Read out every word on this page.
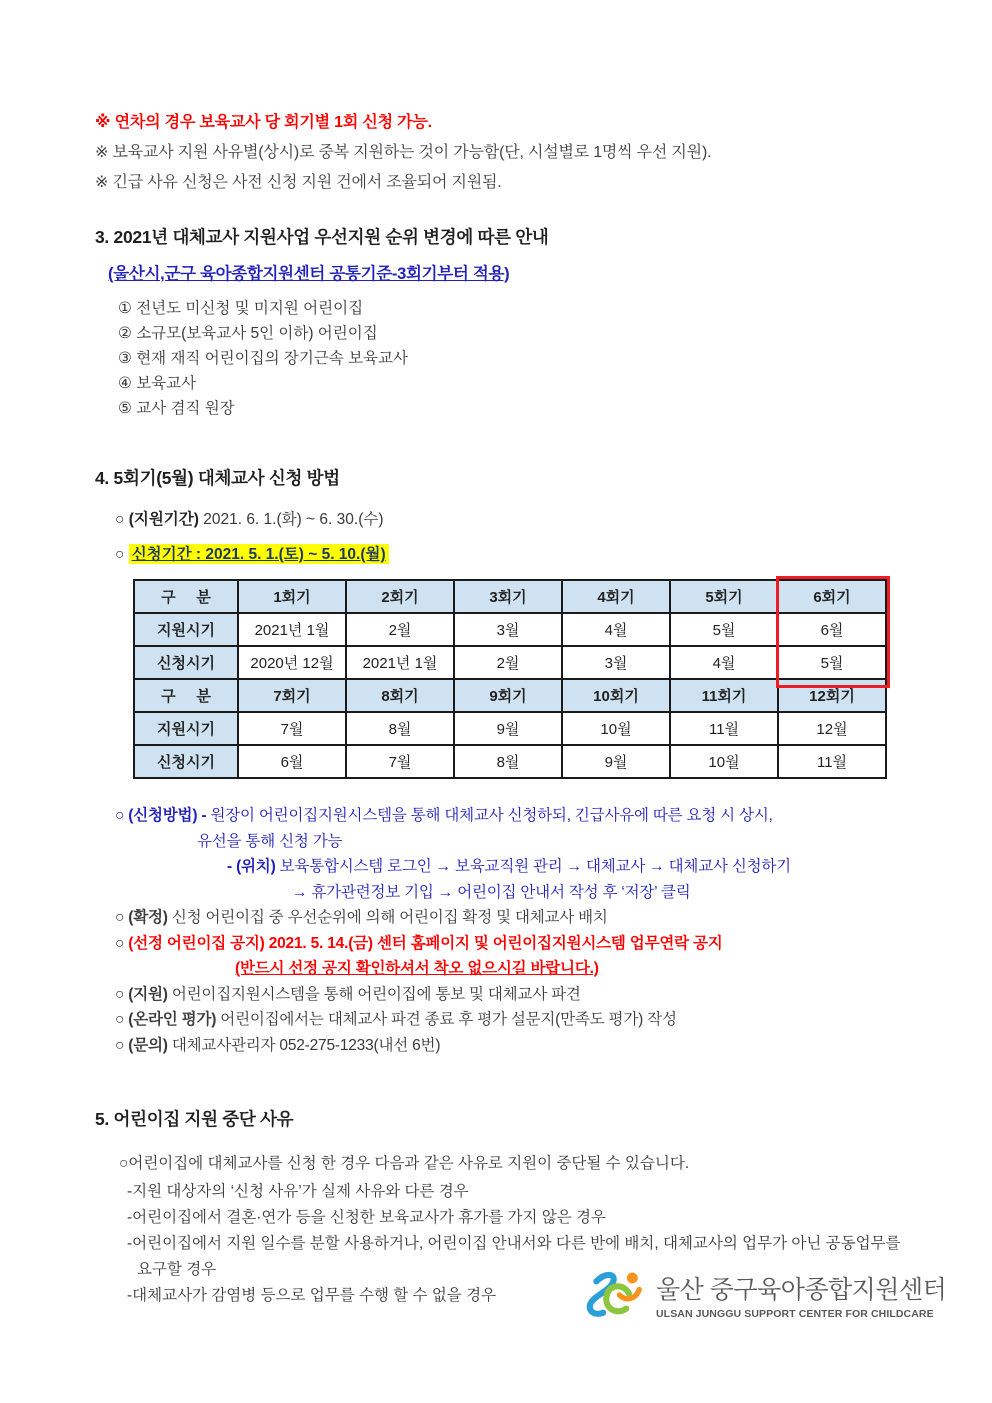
※ 연차의 경우 보육교사 당 회기별 1회 신청 가능.
※ 보육교사 지원 사유별(상시)로 중복 지원하는 것이 가능함(단, 시설별로 1명씩 우선 지원).
※ 긴급 사유 신청은 사전 신청 지원 건에서 조율되어 지원됨.
3. 2021년 대체교사 지원사업 우선지원 순위 변경에 따른 안내
(울산시,군구 육아종합지원센터 공통기준-3회기부터 적용)
① 전년도 미신청 및 미지원 어린이집
② 소규모(보육교사 5인 이하) 어린이집
③ 현재 재직 어린이집의 장기근속 보육교사
④ 보육교사
⑤ 교사 겸직 원장
4. 5회기(5월) 대체교사 신청 방법
○ (지원기간) 2021. 6. 1.(화) ~ 6. 30.(수)
○ 신청기간 : 2021. 5. 1.(토) ~ 5. 10.(월)
구     분	1회기	2회기	3회기	4회기	5회기	6회기
지원시기	2021년 1월	2월	3월	4월	5월	6월
신청시기	2020년 12월	2021년 1월	2월	3월	4월	5월
구     분	7회기	8회기	9회기	10회기	11회기	12회기
지원시기	7월	8월	9월	10월	11월	12월
신청시기	6월	7월	8월	9월	10월	11월
○ (신청방법) - 원장이 어린이집지원시스템을 통해 대체교사 신청하되, 긴급사유에 따른 요청 시 상시,
유선을 통해 신청 가능
- (위치) 보육통합시스템 로그인 → 보육교직원 관리 → 대체교사 → 대체교사 신청하기
→ 휴가관련정보 기입 → 어린이집 안내서 작성 후 ‘저장’ 클릭
○ (확정) 신청 어린이집 중 우선순위에 의해 어린이집 확정 및 대체교사 배치
○ (선정 어린이집 공지) 2021. 5. 14.(금) 센터 홈페이지 및 어린이집지원시스템 업무연락 공지
(반드시 선정 공지 확인하셔서 착오 없으시길 바랍니다.)
○ (지원) 어린이집지원시스템을 통해 어린이집에 통보 및 대체교사 파견
○ (온라인 평가) 어린이집에서는 대체교사 파견 종료 후 평가 설문지(만족도 평가) 작성
○ (문의) 대체교사관리자 052-275-1233(내선 6번)
5. 어린이집 지원 중단 사유
○어린이집에 대체교사를 신청 한 경우 다음과 같은 사유로 지원이 중단될 수 있습니다.
-지원 대상자의 ‘신청 사유’가 실제 사유와 다른 경우
-어린이집에서 결혼·연가 등을 신청한 보육교사가 휴가를 가지 않은 경우
-어린이집에서 지원 일수를 분할 사용하거나, 어린이집 안내서와 다른 반에 배치, 대체교사의 업무가 아닌 공동업무를 요구할 경우
-대체교사가 감염병 등으로 업무를 수행 할 수 없을 경우	울산 중구육아종합지원센터
ULSAN JUNGGU SUPPORT CENTER FOR CHILDCARE
